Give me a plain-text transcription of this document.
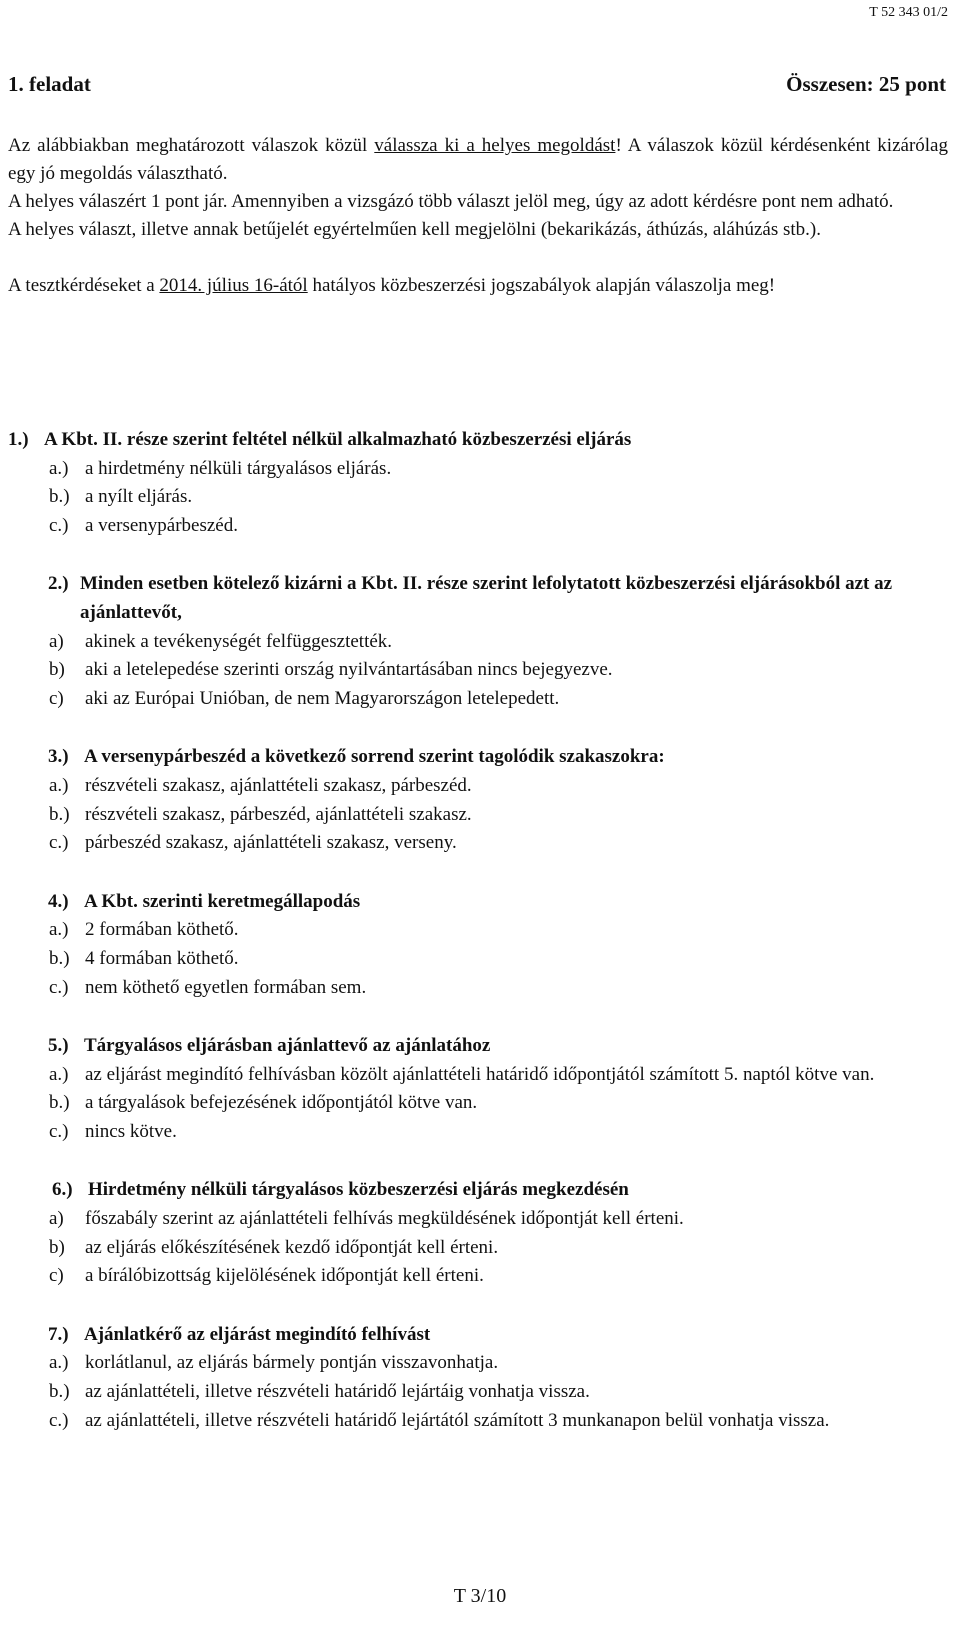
T 52 343 01/2
1. feladat	Összesen: 25 pont

Az alábbiakban meghatározott válaszok közül válassza ki a helyes megoldást! A válaszok közül kérdésenként kizárólag egy jó megoldás választható.

A helyes válaszért 1 pont jár. Amennyiben a vizsgázó több választ jelöl meg, úgy az adott kérdésre pont nem adható.

A helyes választ, illetve annak betűjelét egyértelműen kell megjelölni (bekarikázás, áthúzás, aláhúzás stb.).

A tesztkérdéseket a 2014. július 16-ától hatályos közbeszerzési jogszabályok alapján válaszolja meg!

1.) A Kbt. II. része szerint feltétel nélkül alkalmazható közbeszerzési eljárás
a.) a hirdetmény nélküli tárgyalásos eljárás.
b.) a nyílt eljárás.
c.) a versenypárbeszéd.
2.) Minden esetben kötelező kizárni a Kbt. II. része szerint lefolytatott közbeszerzési eljárásokból azt az ajánlattevőt,
a)	akinek a tevékenységét felfüggesztették.
b)	aki a letelepedése szerinti ország nyilvántartásában nincs bejegyezve.
c)	aki az Európai Unióban, de nem Magyarországon letelepedett.
3.) A versenypárbeszéd a következő sorrend szerint tagolódik szakaszokra:
a.) részvételi szakasz, ajánlattételi szakasz, párbeszéd.
b.) részvételi szakasz, párbeszéd, ajánlattételi szakasz.
c.) párbeszéd szakasz, ajánlattételi szakasz, verseny.
4.) A Kbt. szerinti keretmegállapodás
a.) 2 formában köthető.
b.) 4 formában köthető.
c.) nem köthető egyetlen formában sem.
5.) Tárgyalásos eljárásban ajánlattevő az ajánlatához
a.) az eljárást megindító felhívásban közölt ajánlattételi határidő időpontjától számított 5. naptól kötve van.
b.) a tárgyalások befejezésének időpontjától kötve van.
c.) nincs kötve.
6.) Hirdetmény nélküli tárgyalásos közbeszerzési eljárás megkezdésén
a)	főszabály szerint az ajánlattételi felhívás megküldésének időpontját kell érteni.
b)	az eljárás előkészítésének kezdő időpontját kell érteni.
c)	a bírálóbizottság kijelölésének időpontját kell érteni.
7.) Ajánlatkérő az eljárást megindító felhívást
a.) korlátlanul, az eljárás bármely pontján visszavonhatja.
b.) az ajánlattételi, illetve részvételi határidő lejártáig vonhatja vissza.
c.) az ajánlattételi, illetve részvételi határidő lejártától számított 3 munkanapon belül vonhatja vissza.
T 3/10
